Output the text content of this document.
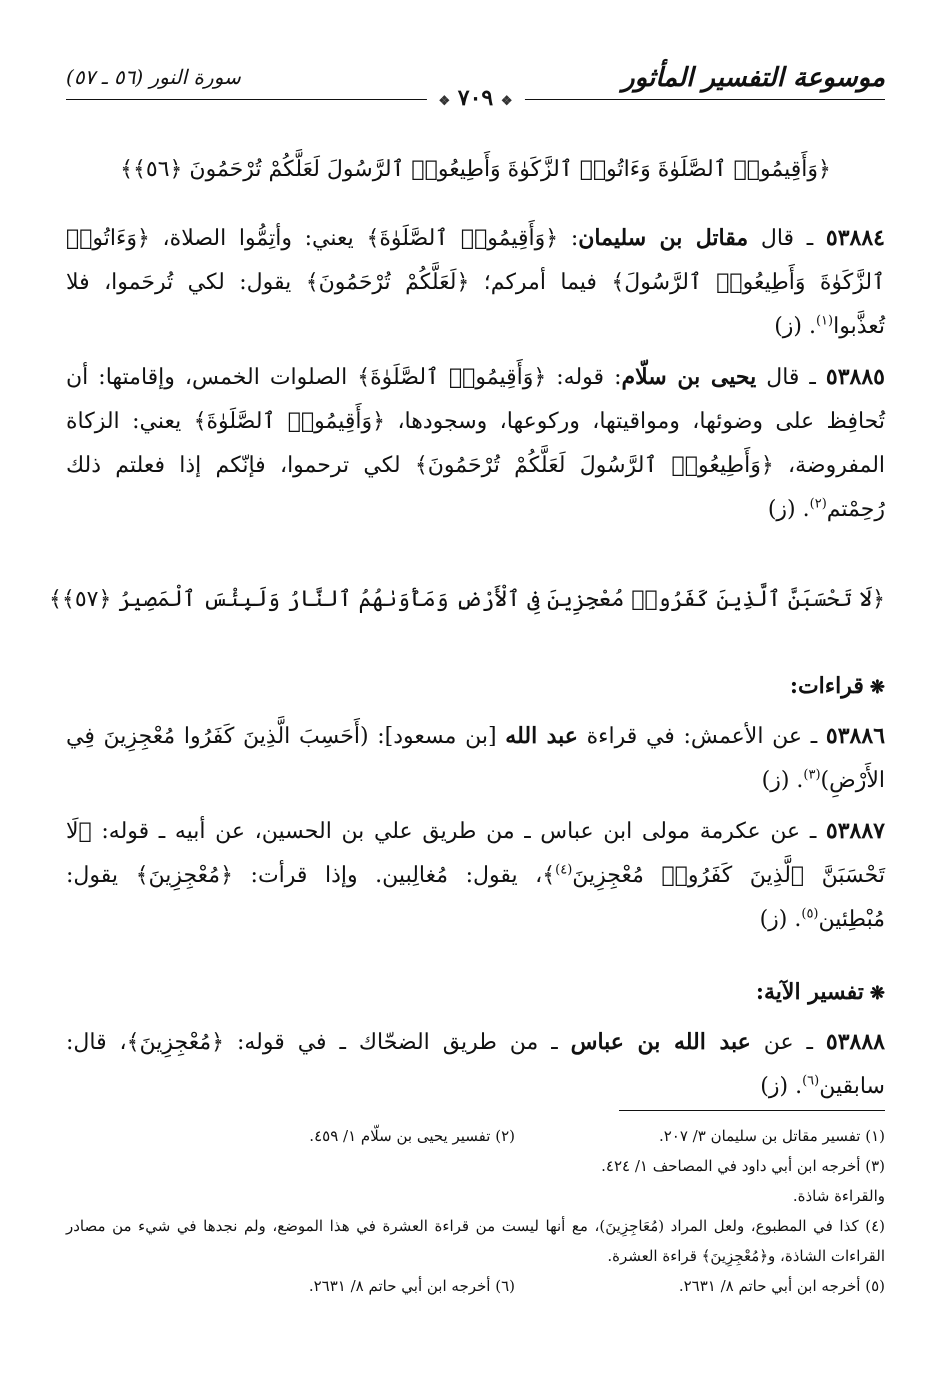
موسوعة التفسير المأثور
سورة النور (٥٦ ـ ٥٧)
❖ ٧٠٩ ❖

﴿وَأَقِيمُوا۟ ٱلصَّلَوٰةَ وَءَاتُوا۟ ٱلزَّكَوٰةَ وَأَطِيعُوا۟ ٱلرَّسُولَ لَعَلَّكُمْ تُرْحَمُونَ ﴿٥٦﴾﴾

٥٣٨٨٤ ـ قال مقاتل بن سليمان: ﴿وَأَقِيمُوا۟ ٱلصَّلَوٰةَ﴾ يعني: وأتِمُّوا الصلاة، ﴿وَءَاتُوا۟ ٱلزَّكَوٰةَ وَأَطِيعُوا۟ ٱلرَّسُولَ﴾ فيما أمركم؛ ﴿لَعَلَّكُمْ تُرْحَمُونَ﴾ يقول: لكي تُرحَموا، فلا تُعذَّبوا$^{(١)}$. (ز)

٥٣٨٨٥ ـ قال يحيى بن سلّام: قوله: ﴿وَأَقِيمُوا۟ ٱلصَّلَوٰةَ﴾ الصلوات الخمس، وإقامتها: أن تُحافِظ على وضوئها، ومواقيتها، وركوعها، وسجودها، ﴿وَأَقِيمُوا۟ ٱلصَّلَوٰةَ﴾ يعني: الزكاة المفروضة، ﴿وَأَطِيعُوا۟ ٱلرَّسُولَ لَعَلَّكُمْ تُرْحَمُونَ﴾ لكي ترحموا، فإنّكم إذا فعلتم ذلك رُحِمْتم$^{(٢)}$. (ز)

﴿لَا تَحْسَبَنَّ ٱلَّذِينَ كَفَرُوا۟ مُعْجِزِينَ فِى ٱلْأَرْضِ وَمَأْوَىٰهُمُ ٱلنَّارُ وَلَبِئْسَ ٱلْمَصِيرُ ﴿٥٧﴾﴾

❋قراءات:

٥٣٨٨٦ ـ عن الأعمش: في قراءة عبد الله [بن مسعود]: (أَحَسِبَ الَّذِينَ كَفَرُوا مُعْجِزِينَ فِي الأَرْضِ)$^{(٣)}$. (ز)

٥٣٨٨٧ ـ عن عكرمة مولى ابن عباس ـ من طريق علي بن الحسين، عن أبيه ـ قوله: ﴿لَا تَحْسَبَنَّ ٱلَّذِينَ كَفَرُوا۟ مُعْجِزِينَ$^{(٤)}$﴾، يقول: مُغالِبين. وإذا قرأت: ﴿مُعْجِزِينَ﴾ يقول: مُبْطِئين$^{(٥)}$. (ز)

❋تفسير الآية:

٥٣٨٨٨ ـ عن عبد الله بن عباس ـ من طريق الضحّاك ـ في قوله: ﴿مُعْجِزِينَ﴾، قال: سابقين$^{(٦)}$. (ز)

(١) تفسير مقاتل بن سليمان ٣/ ٢٠٧.

(٢) تفسير يحيى بن سلّام ١/ ٤٥٩.

(٣) أخرجه ابن أبي داود في المصاحف ١/ ٤٢٤.

والقراءة شاذة.

(٤) كذا في المطبوع، ولعل المراد (مُعَاجِزِينَ)، مع أنها ليست من قراءة العشرة في هذا الموضع، ولم نجدها في شيء من مصادر القراءات الشاذة، و﴿مُعْجِزِينَ﴾ قراءة العشرة.

(٥) أخرجه ابن أبي حاتم ٨/ ٢٦٣١.

(٦) أخرجه ابن أبي حاتم ٨/ ٢٦٣١.
